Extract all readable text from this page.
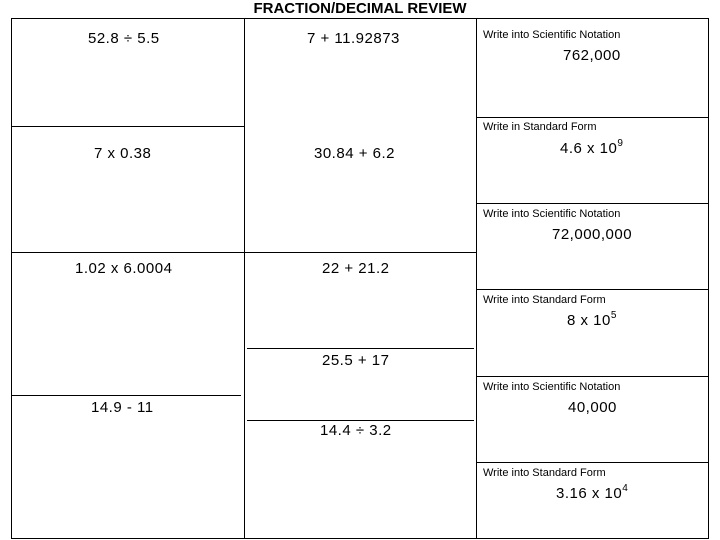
FRACTION/DECIMAL REVIEW
52.8 ÷ 5.5
7 x 0.38
1.02 x 6.0004
14.9 - 11
7 + 11.92873
30.84 + 6.2
22 + 21.2
25.5 + 17
14.4 ÷ 3.2
Write into Scientific Notation
762,000
Write in Standard Form
4.6 x $10^9$
Write into Scientific Notation
72,000,000
Write into Standard Form
8 x $10^5$
Write into Scientific Notation
40,000
Write into Standard Form
3.16 x $10^4$
